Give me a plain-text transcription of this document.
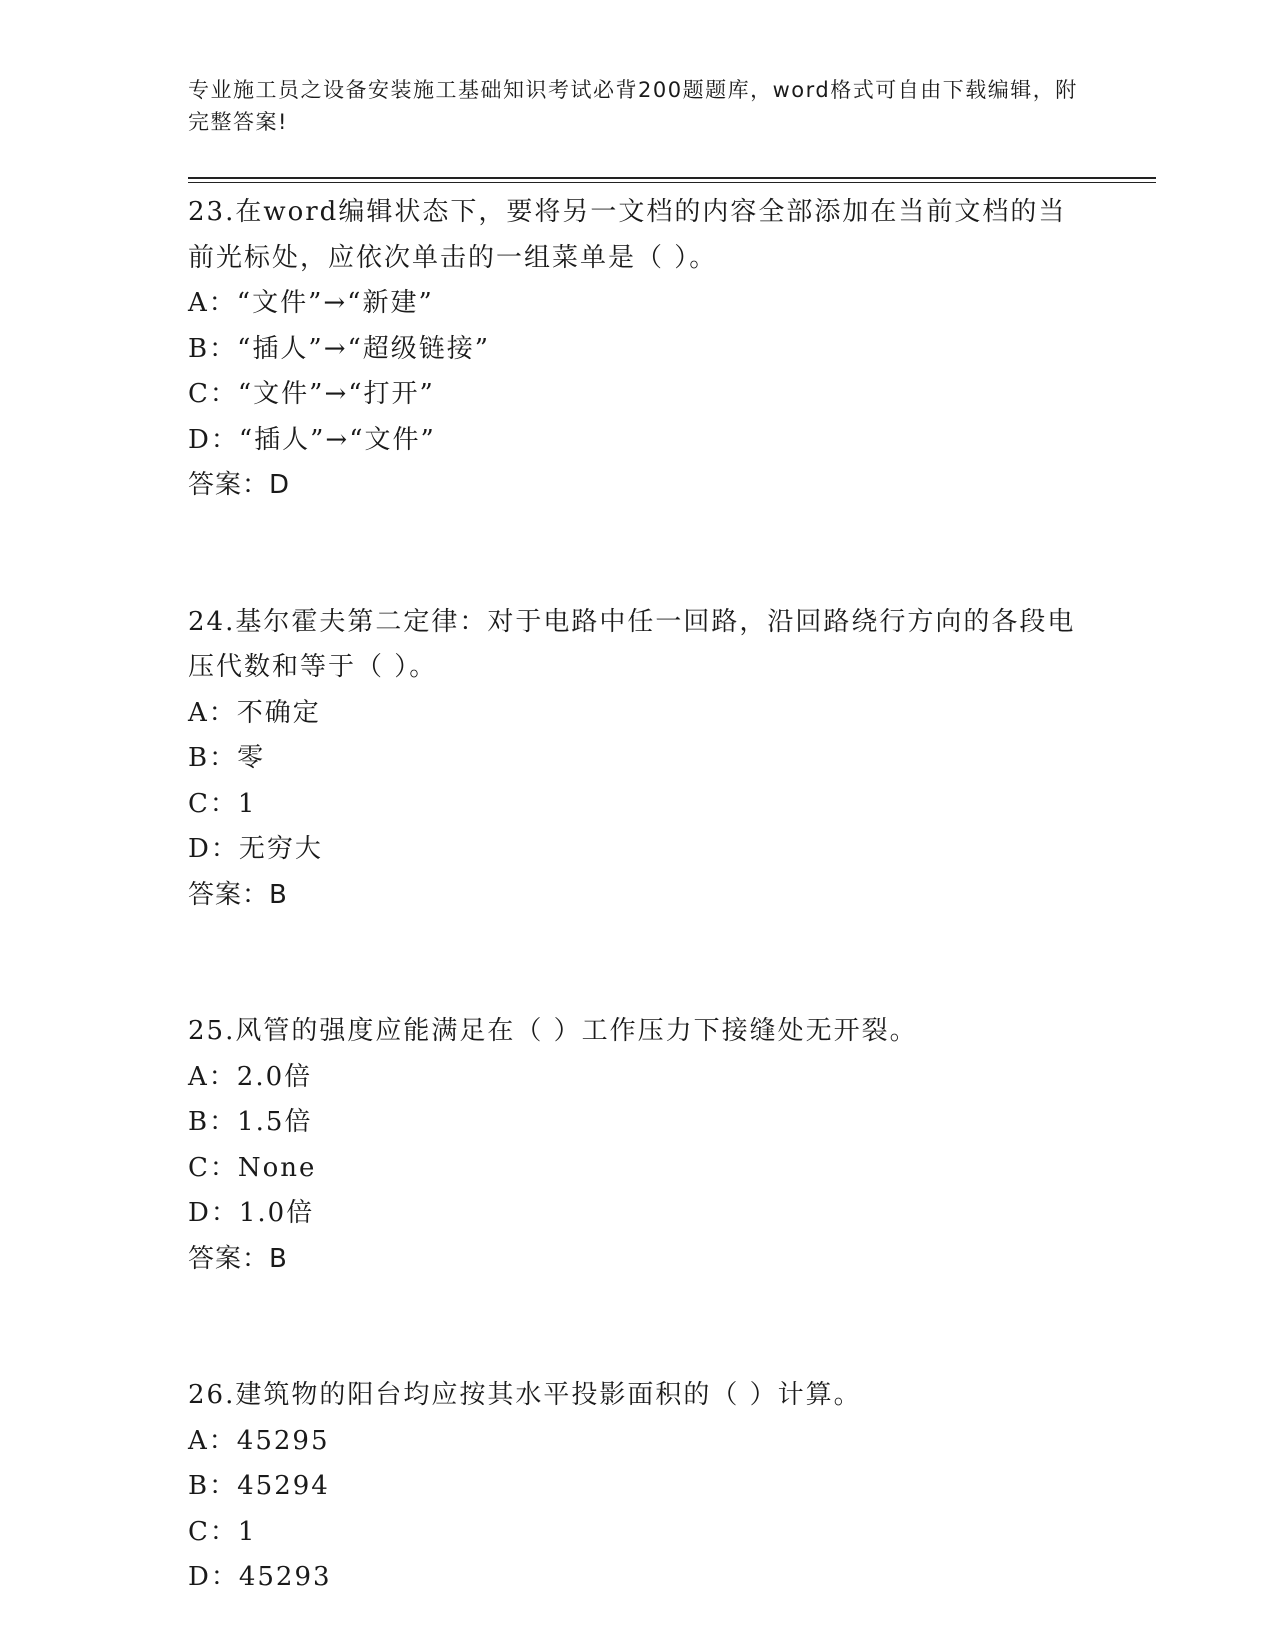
专业施工员之设备安装施工基础知识考试必背200题题库，word格式可自由下载编辑，附完整答案!
23.在word编辑状态下，要将另一文档的内容全部添加在当前文档的当前光标处，应依次单击的一组菜单是（ ）。
A：“文件”→“新建”
B：“插人”→“超级链接”
C：“文件”→“打开”
D：“插人”→“文件”
答案：D
24.基尔霍夫第二定律：对于电路中任一回路，沿回路绕行方向的各段电压代数和等于（ ）。
A：不确定
B：零
C：1
D：无穷大
答案：B
25.风管的强度应能满足在（ ）工作压力下接缝处无开裂。
A：2.0倍
B：1.5倍
C：None
D：1.0倍
答案：B
26.建筑物的阳台均应按其水平投影面积的（ ）计算。
A：45295
B：45294
C：1
D：45293
